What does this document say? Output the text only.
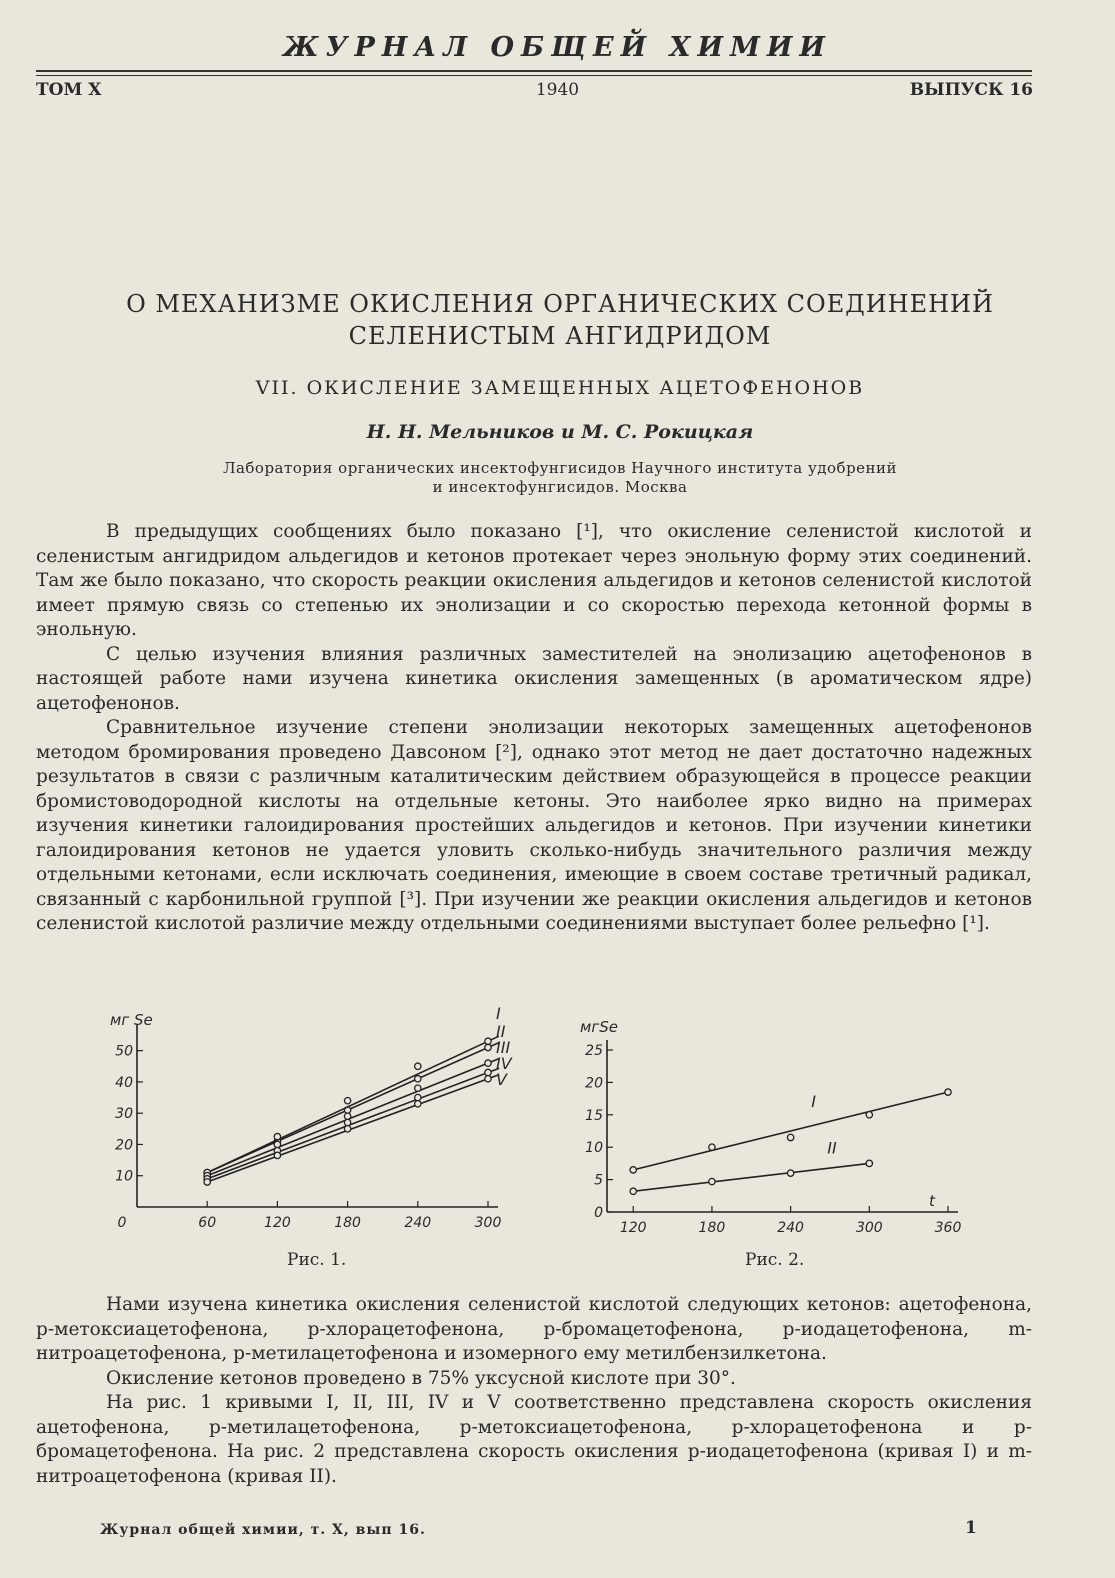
ЖУРНАЛ ОБЩЕЙ ХИМИИ
ТОМ X	1940	ВЫПУСК 16
О МЕХАНИЗМЕ ОКИСЛЕНИЯ ОРГАНИЧЕСКИХ СОЕДИНЕНИЙ
СЕЛЕНИСТЫМ АНГИДРИДОМ
VII. ОКИСЛЕНИЕ ЗАМЕЩЕННЫХ АЦЕТОФЕНОНОВ
Н. Н. Мельников и М. С. Рокицкая
Лаборатория органических инсектофунгисидов Научного института удобрений
и инсектофунгисидов. Москва

В предыдущих сообщениях было показано [¹], что окисление селенистой кислотой и селенистым ангидридом альдегидов и кетонов протекает через энольную форму этих соединений. Там же было показано, что скорость реакции окисления альдегидов и кетонов селенистой кислотой имеет прямую связь со степенью их энолизации и со скоростью перехода кетонной формы в энольную.

С целью изучения влияния различных заместителей на энолизацию ацетофенонов в настоящей работе нами изучена кинетика окисления замещенных (в ароматическом ядре) ацетофенонов.

Сравнительное изучение степени энолизации некоторых замещенных ацетофенонов методом бромирования проведено Давсоном [²], однако этот метод не дает достаточно надежных результатов в связи с различным каталитическим действием образующейся в процессе реакции бромистоводородной кислоты на отдельные кетоны. Это наиболее ярко видно на примерах изучения кинетики галоидирования простейших альдегидов и кетонов. При изучении кинетики галоидирования кетонов не удается уловить сколько-нибудь значительного различия между отдельными кетонами, если исключать соединения, имеющие в своем составе третичный радикал, связанный с карбонильной группой [³]. При изучении же реакции окисления альдегидов и кетонов селенистой кислотой различие между отдельными соединениями выступает более рельефно [¹].

10
20
30
40
50
0	60	120	180	240	300
мг Se	I
II
III
IV
V
Рис. 1.
0
5
10
15
20
25
120	180	240	300	360
мгSe
t
I
II
Рис. 2.

Нами изучена кинетика окисления селенистой кислотой следующих кетонов: ацетофенона, p-метоксиацетофенона, p-хлорацетофенона, p-бромацетофенона, p-иодацетофенона, m-нитроацетофенона, p-метилацетофенона и изомерного ему метилбензилкетона.

Окисление кетонов проведено в 75% уксусной кислоте при 30°.

На рис. 1 кривыми I, II, III, IV и V соответственно представлена скорость окисления ацетофенона, p-метилацетофенона, p-метоксиацетофенона, p-хлорацетофенона и p-бромацетофенона. На рис. 2 представлена скорость окисления p-иодацетофенона (кривая I) и m-нитроацетофенона (кривая II).

Журнал общей химии, т. X, вып 16.	1
